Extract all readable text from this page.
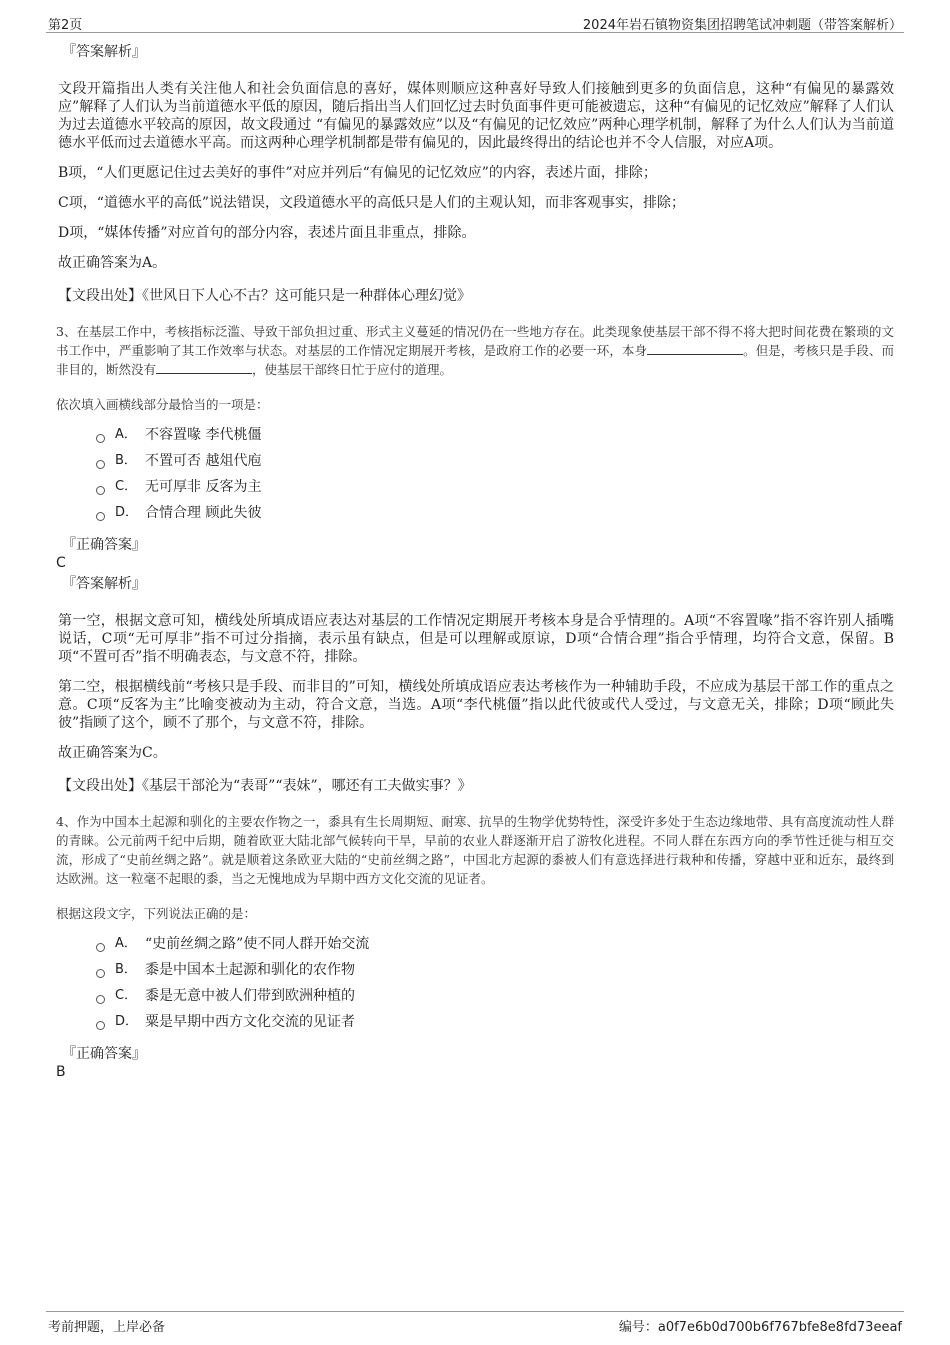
第2页	2024年岩石镇物资集团招聘笔试冲刺题（带答案解析）
『答案解析』

文段开篇指出人类有关注他人和社会负面信息的喜好，媒体则顺应这种喜好导致人们接触到更多的负面信息，这种“有偏见的暴露效应”解释了人们认为当前道德水平低的原因，随后指出当人们回忆过去时负面事件更可能被遗忘，这种“有偏见的记忆效应”解释了人们认为过去道德水平较高的原因，故文段通过 “有偏见的暴露效应”以及“有偏见的记忆效应”两种心理学机制，解释了为什么人们认为当前道德水平低而过去道德水平高。而这两种心理学机制都是带有偏见的，因此最终得出的结论也并不令人信服，对应A项。

B项，“人们更愿记住过去美好的事件”对应并列后“有偏见的记忆效应”的内容，表述片面，排除；

C项，“道德水平的高低”说法错误，文段道德水平的高低只是人们的主观认知，而非客观事实，排除；

D项，“媒体传播”对应首句的部分内容，表述片面且非重点，排除。

故正确答案为A。

【文段出处】《世风日下人心不古？这可能只是一种群体心理幻觉》

3、在基层工作中，考核指标泛滥、导致干部负担过重、形式主义蔓延的情况仍在一些地方存在。此类现象使基层干部不得不将大把时间花费在繁琐的文书工作中，严重影响了其工作效率与状态。对基层的工作情况定期展开考核，是政府工作的必要一环，本身	。但是，考核只是手段、而非目的，断然没有	，使基层干部终日忙于应付的道理。

依次填入画横线部分最恰当的一项是：

A． 不容置喙 李代桃僵
B． 不置可否 越俎代庖
C． 无可厚非 反客为主
D． 合情合理 顾此失彼
『正确答案』
C
『答案解析』

第一空，根据文意可知，横线处所填成语应表达对基层的工作情况定期展开考核本身是合乎情理的。A项“不容置喙”指不容许别人插嘴说话，C项“无可厚非”指不可过分指摘，表示虽有缺点，但是可以理解或原谅，D项“合情合理”指合乎情理，均符合文意，保留。B项“不置可否”指不明确表态，与文意不符，排除。

第二空，根据横线前“考核只是手段、而非目的”可知，横线处所填成语应表达考核作为一种辅助手段，不应成为基层干部工作的重点之意。C项“反客为主”比喻变被动为主动，符合文意，当选。A项“李代桃僵”指以此代彼或代人受过，与文意无关，排除；D项“顾此失彼”指顾了这个，顾不了那个，与文意不符，排除。

故正确答案为C。

【文段出处】《基层干部沦为“表哥”“表妹”，哪还有工夫做实事？》

4、作为中国本土起源和驯化的主要农作物之一，黍具有生长周期短、耐寒、抗旱的生物学优势特性，深受许多处于生态边缘地带、具有高度流动性人群的青睐。公元前两千纪中后期，随着欧亚大陆北部气候转向干旱，早前的农业人群逐渐开启了游牧化进程。不同人群在东西方向的季节性迁徙与相互交流，形成了“史前丝绸之路”。就是顺着这条欧亚大陆的“史前丝绸之路”，中国北方起源的黍被人们有意选择进行栽种和传播，穿越中亚和近东，最终到达欧洲。这一粒毫不起眼的黍，当之无愧地成为早期中西方文化交流的见证者。

根据这段文字，下列说法正确的是：

A． “史前丝绸之路”使不同人群开始交流
B． 黍是中国本土起源和驯化的农作物
C． 黍是无意中被人们带到欧洲种植的
D． 粟是早期中西方文化交流的见证者
『正确答案』
B
考前押题，上岸必备	编号：a0f7e6b0d700b6f767bfe8e8fd73eeaf
